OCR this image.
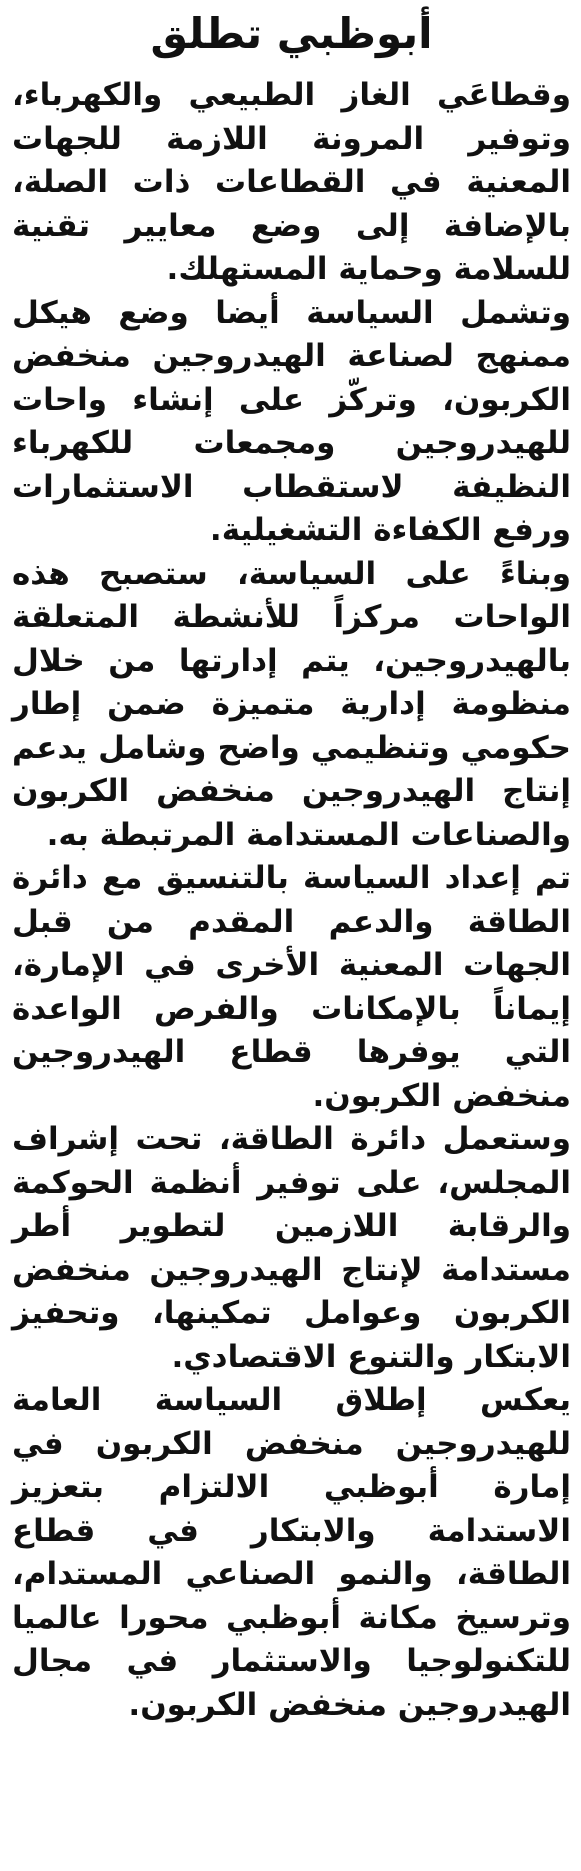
أبوظبي تطلق

وقطاعَي الغاز الطبيعي والكهرباء، وتوفير المرونة اللازمة للجهات المعنية في القطاعات ذات الصلة، بالإضافة إلى وضع معايير تقنية للسلامة وحماية المستهلك.

وتشمل السياسة أيضا وضع هيكل ممنهج لصناعة الهيدروجين منخفض الكربون، وتركّز على إنشاء واحات للهيدروجين ومجمعات للكهرباء النظيفة لاستقطاب الاستثمارات ورفع الكفاءة التشغيلية.

وبناءً على السياسة، ستصبح هذه الواحات مركزاً للأنشطة المتعلقة بالهيدروجين، يتم إدارتها من خلال منظومة إدارية متميزة ضمن إطار حكومي وتنظيمي واضح وشامل يدعم إنتاج الهيدروجين منخفض الكربون والصناعات المستدامة المرتبطة به.

تم إعداد السياسة بالتنسيق مع دائرة الطاقة والدعم المقدم من قبل الجهات المعنية الأخرى في الإمارة، إيماناً بالإمكانات والفرص الواعدة التي يوفرها قطاع الهيدروجين منخفض الكربون.

وستعمل دائرة الطاقة، تحت إشراف المجلس، على توفير أنظمة الحوكمة والرقابة اللازمين لتطوير أطر مستدامة لإنتاج الهيدروجين منخفض الكربون وعوامل تمكينها، وتحفيز الابتكار والتنوع الاقتصادي.

يعكس إطلاق السياسة العامة للهيدروجين منخفض الكربون في إمارة أبوظبي الالتزام بتعزيز الاستدامة والابتكار في قطاع الطاقة، والنمو الصناعي المستدام، وترسيخ مكانة أبوظبي محورا عالميا للتكنولوجيا والاستثمار في مجال الهيدروجين منخفض الكربون.
